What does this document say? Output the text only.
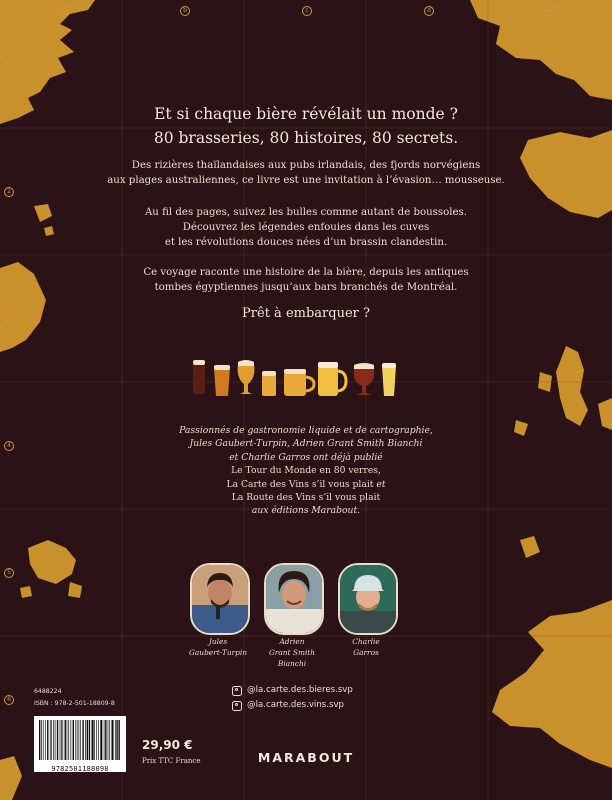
a	b	c	d	e
1
2
3
4
5
6
Et si chaque bière révélait un monde ?
80 brasseries, 80 histoires, 80 secrets.
Des rizières thaïlandaises aux pubs irlandais, des fjords norvégiens
aux plages australiennes, ce livre est une invitation à l’évasion… mousseuse.
Au fil des pages, suivez les bulles comme autant de boussoles.
Découvrez les légendes enfouies dans les cuves
et les révolutions douces nées d’un brassin clandestin.
Ce voyage raconte une histoire de la bière, depuis les antiques
tombes égyptiennes jusqu’aux bars branchés de Montréal.
Prêt à embarquer ?
Passionnés de gastronomie liquide et de cartographie,
Jules Gaubert-Turpin, Adrien Grant Smith Bianchi
et Charlie Garros ont déjà publié
Le Tour du Monde en 80 verres,
La Carte des Vins s’il vous plait et
La Route des Vins s’il vous plait
aux éditions Marabout.
Jules
Gaubert-Turpin
Adrien
Grant Smith Bianchi
Charlie
Garros
@la.carte.des.bieres.svp
@la.carte.des.vins.svp
6488224
ISBN : 978-2-501-18809-8
9782501188098
29,90 €
Prix TTC France	MARABOUT
